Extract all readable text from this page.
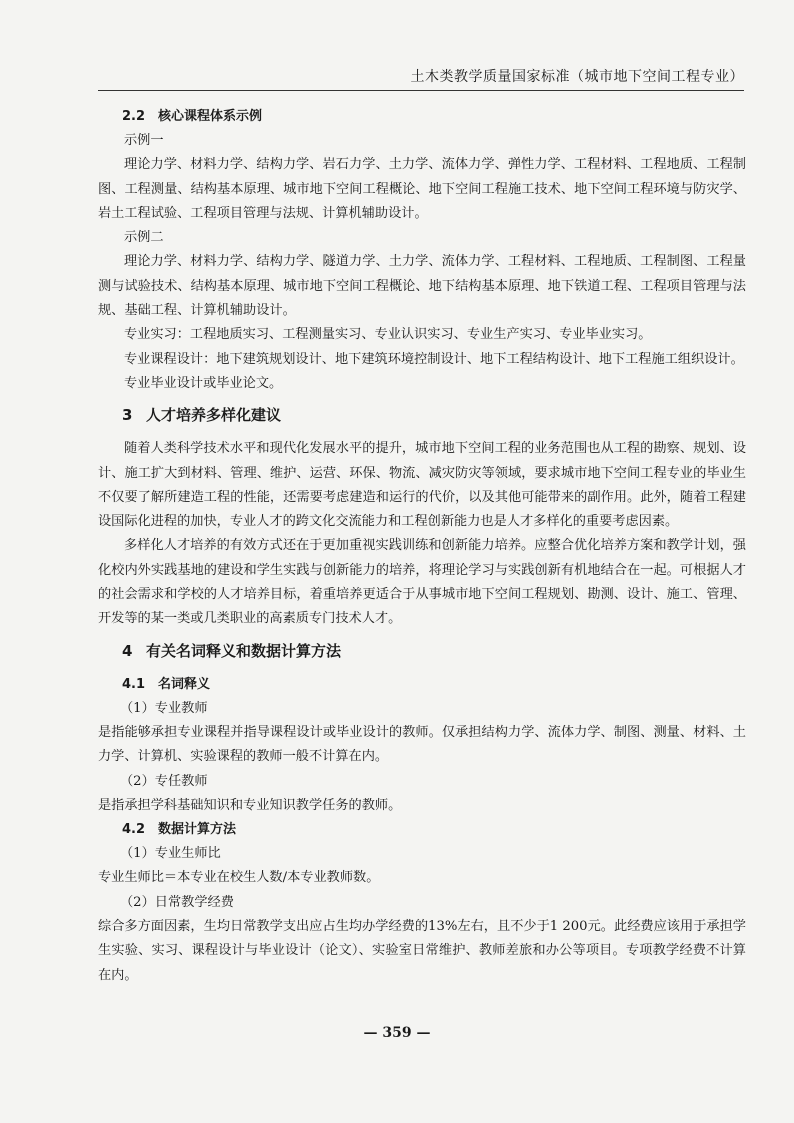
土木类教学质量国家标准（城市地下空间工程专业）
2.2 核心课程体系示例

示例一

理论力学、材料力学、结构力学、岩石力学、土力学、流体力学、弹性力学、工程材料、工程地质、工程制图、工程测量、结构基本原理、城市地下空间工程概论、地下空间工程施工技术、地下空间工程环境与防灾学、岩土工程试验、工程项目管理与法规、计算机辅助设计。

示例二

理论力学、材料力学、结构力学、隧道力学、土力学、流体力学、工程材料、工程地质、工程制图、工程量测与试验技术、结构基本原理、城市地下空间工程概论、地下结构基本原理、地下铁道工程、工程项目管理与法规、基础工程、计算机辅助设计。

专业实习：工程地质实习、工程测量实习、专业认识实习、专业生产实习、专业毕业实习。

专业课程设计：地下建筑规划设计、地下建筑环境控制设计、地下工程结构设计、地下工程施工组织设计。

专业毕业设计或毕业论文。

3 人才培养多样化建议

随着人类科学技术水平和现代化发展水平的提升，城市地下空间工程的业务范围也从工程的勘察、规划、设计、施工扩大到材料、管理、维护、运营、环保、物流、减灾防灾等领域，要求城市地下空间工程专业的毕业生不仅要了解所建造工程的性能，还需要考虑建造和运行的代价，以及其他可能带来的副作用。此外，随着工程建设国际化进程的加快，专业人才的跨文化交流能力和工程创新能力也是人才多样化的重要考虑因素。

多样化人才培养的有效方式还在于更加重视实践训练和创新能力培养。应整合优化培养方案和教学计划，强化校内外实践基地的建设和学生实践与创新能力的培养，将理论学习与实践创新有机地结合在一起。可根据人才的社会需求和学校的人才培养目标，着重培养更适合于从事城市地下空间工程规划、勘测、设计、施工、管理、开发等的某一类或几类职业的高素质专门技术人才。

4 有关名词释义和数据计算方法
4.1 名词释义

（1）专业教师

是指能够承担专业课程并指导课程设计或毕业设计的教师。仅承担结构力学、流体力学、制图、测量、材料、土力学、计算机、实验课程的教师一般不计算在内。

（2）专任教师

是指承担学科基础知识和专业知识教学任务的教师。

4.2 数据计算方法

（1）专业生师比

专业生师比＝本专业在校生人数/本专业教师数。

（2）日常教学经费

综合多方面因素，生均日常教学支出应占生均办学经费的13%左右，且不少于1 200元。此经费应该用于承担学生实验、实习、课程设计与毕业设计（论文）、实验室日常维护、教师差旅和办公等项目。专项教学经费不计算在内。

— 359 —
